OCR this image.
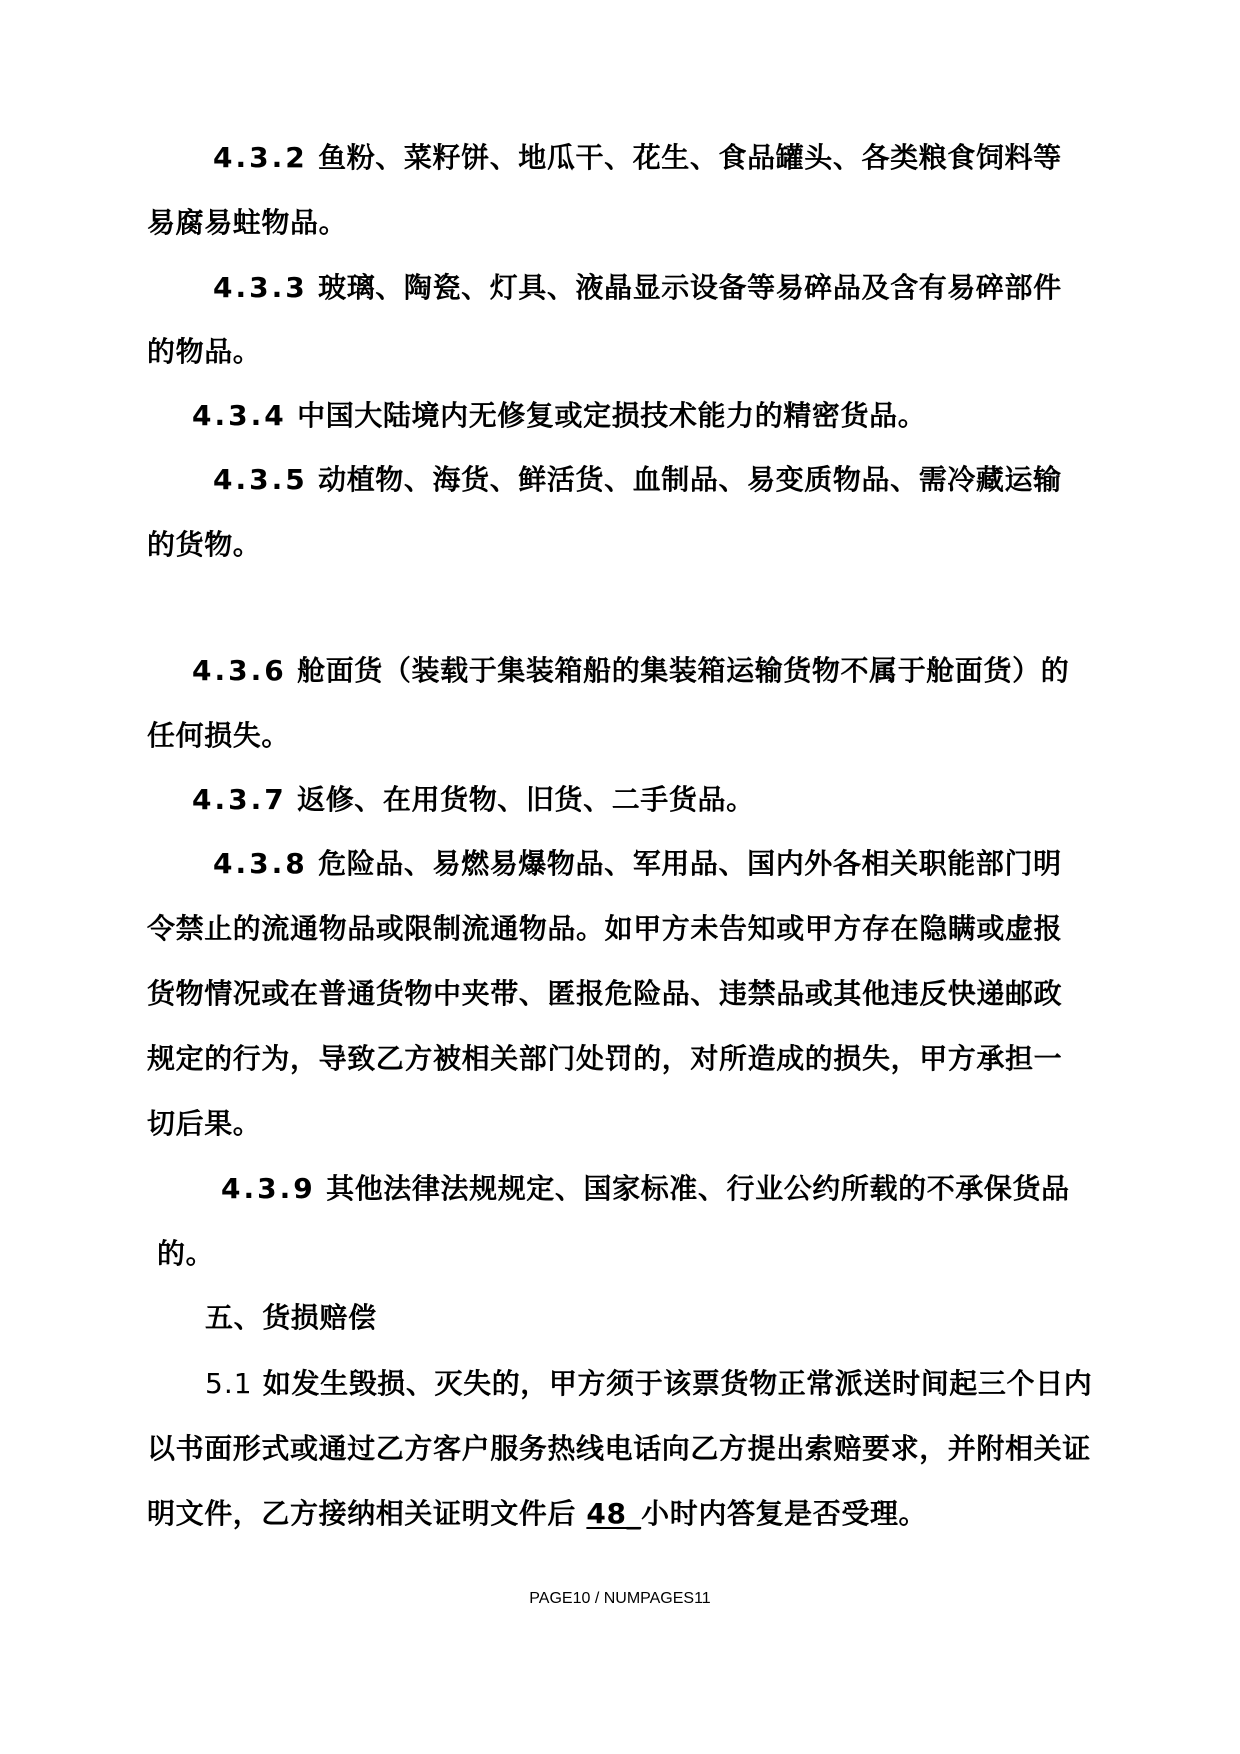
4.3.2 鱼粉、菜籽饼、地瓜干、花生、食品罐头、各类粮食饲料等

易腐易蛀物品。

4.3.3 玻璃、陶瓷、灯具、液晶显示设备等易碎品及含有易碎部件

的物品。

4.3.4 中国大陆境内无修复或定损技术能力的精密货品。

4.3.5 动植物、海货、鲜活货、血制品、易变质物品、需冷藏运输

的货物。

4.3.6 舱面货（装载于集装箱船的集装箱运输货物不属于舱面货）的

任何损失。

4.3.7 返修、在用货物、旧货、二手货品。

4.3.8 危险品、易燃易爆物品、军用品、国内外各相关职能部门明

令禁止的流通物品或限制流通物品。如甲方未告知或甲方存在隐瞒或虚报

货物情况或在普通货物中夹带、匿报危险品、违禁品或其他违反快递邮政

规定的行为，导致乙方被相关部门处罚的，对所造成的损失，甲方承担一

切后果。

4.3.9 其他法律法规规定、国家标准、行业公约所载的不承保货品

的。

五、货损赔偿

5.1 如发生毁损、灭失的，甲方须于该票货物正常派送时间起三个日内

以书面形式或通过乙方客户服务热线电话向乙方提出索赔要求，并附相关证

明文件，乙方接纳相关证明文件后 48_小时内答复是否受理。

PAGE10 / NUMPAGES11
